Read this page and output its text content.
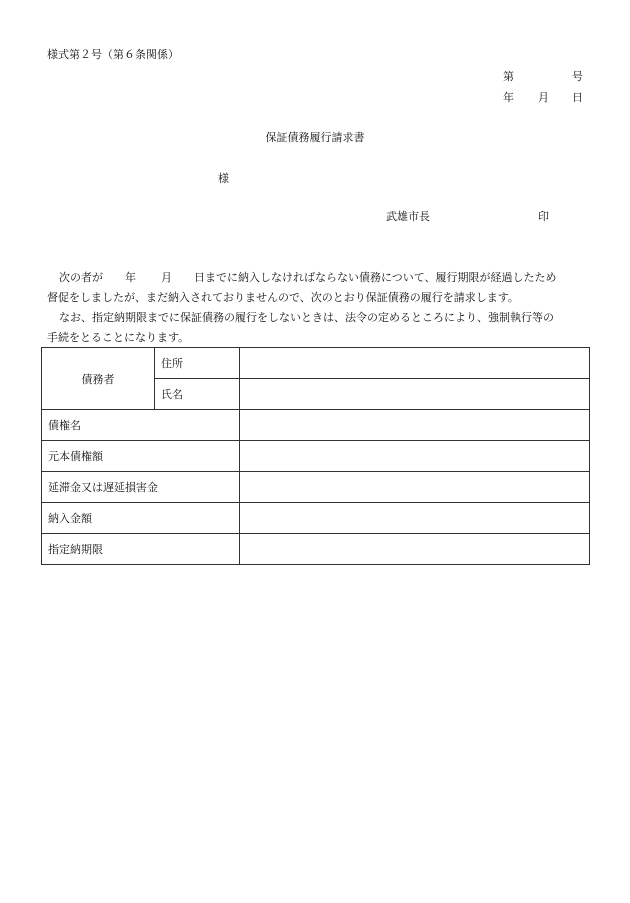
様式第２号（第６条関係）
第	号
年 月 日
保証債務履行請求書
様
武雄市長	印
次の者が 年 月 日までに納入しなければならない債務について、履行期限が経過したため
督促をしましたが、まだ納入されておりませんので、次のとおり保証債務の履行を請求します。
なお、指定納期限までに保証債務の履行をしないときは、法令の定めるところにより、強制執行等の
手続をとることになります。
債務者	住所	
	氏名	
債権名		
元本債権額		
延滞金又は遅延損害金		
納入金額		
指定納期限		
